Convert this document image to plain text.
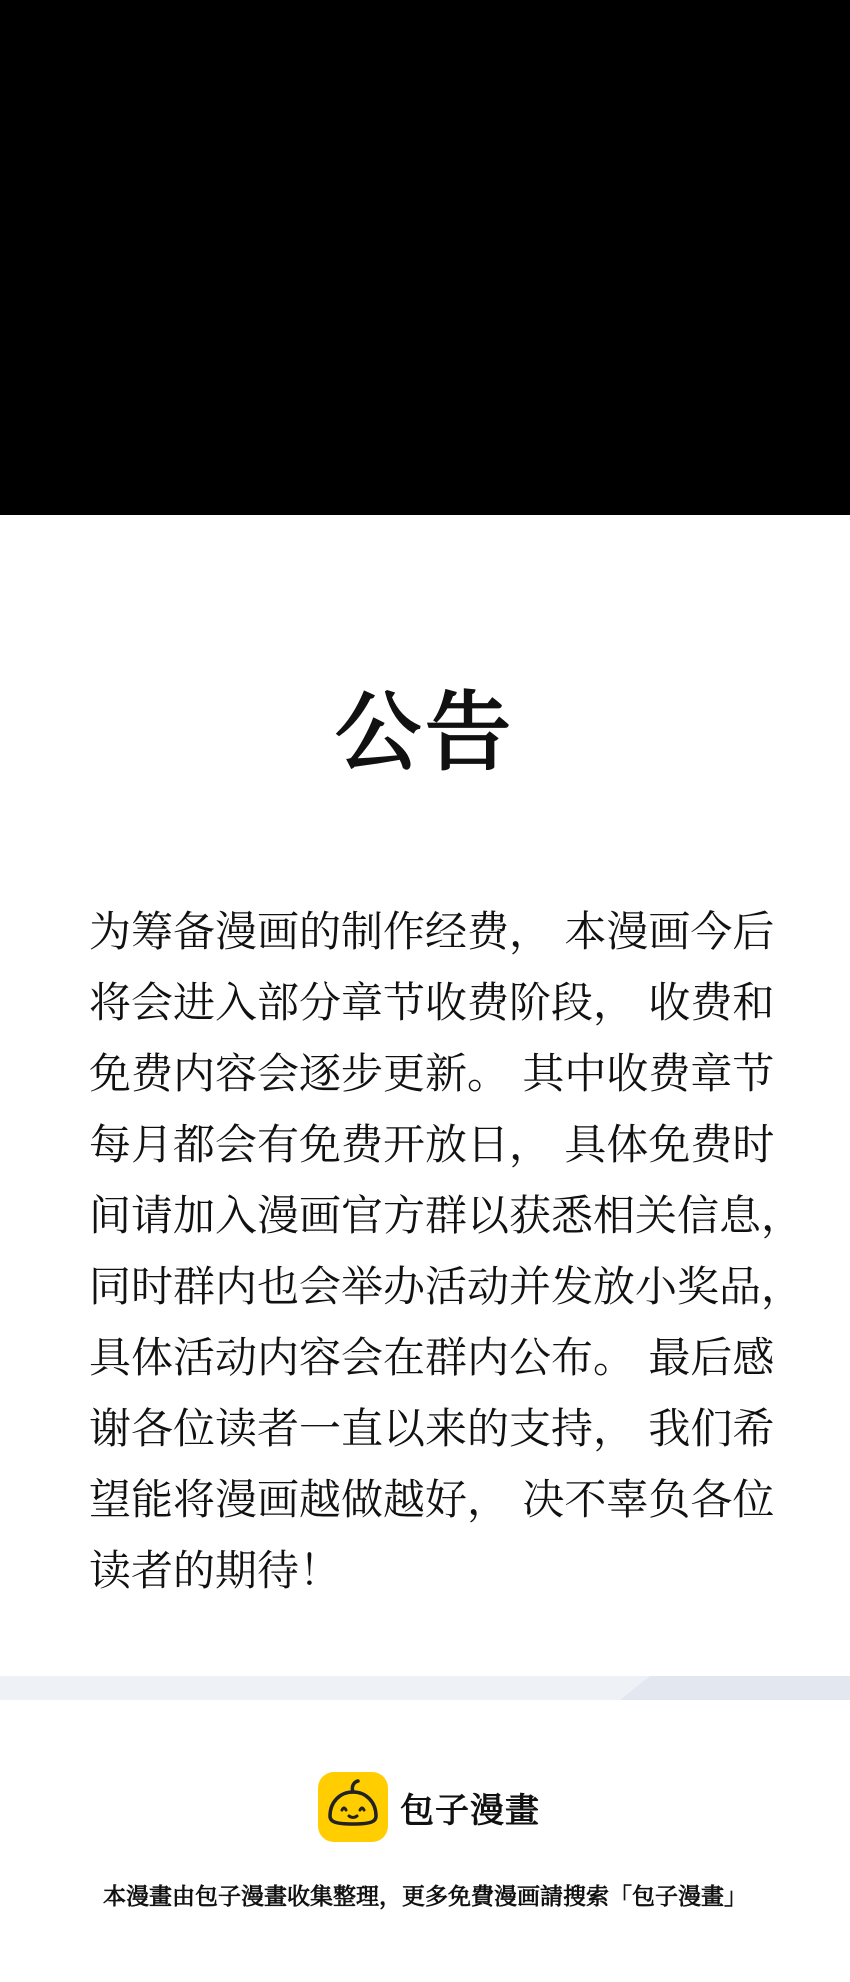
公告
为筹备漫画的制作经费， 本漫画今后
将会进入部分章节收费阶段， 收费和
免费内容会逐步更新。 其中收费章节
每月都会有免费开放日， 具体免费时
间请加入漫画官方群以获悉相关信息，
同时群内也会举办活动并发放小奖品，
具体活动内容会在群内公布。 最后感
谢各位读者一直以来的支持， 我们希
望能将漫画越做越好， 决不辜负各位
读者的期待！
包子漫畫
本漫畫由包子漫畫收集整理，更多免費漫画請搜索「包子漫畫」
